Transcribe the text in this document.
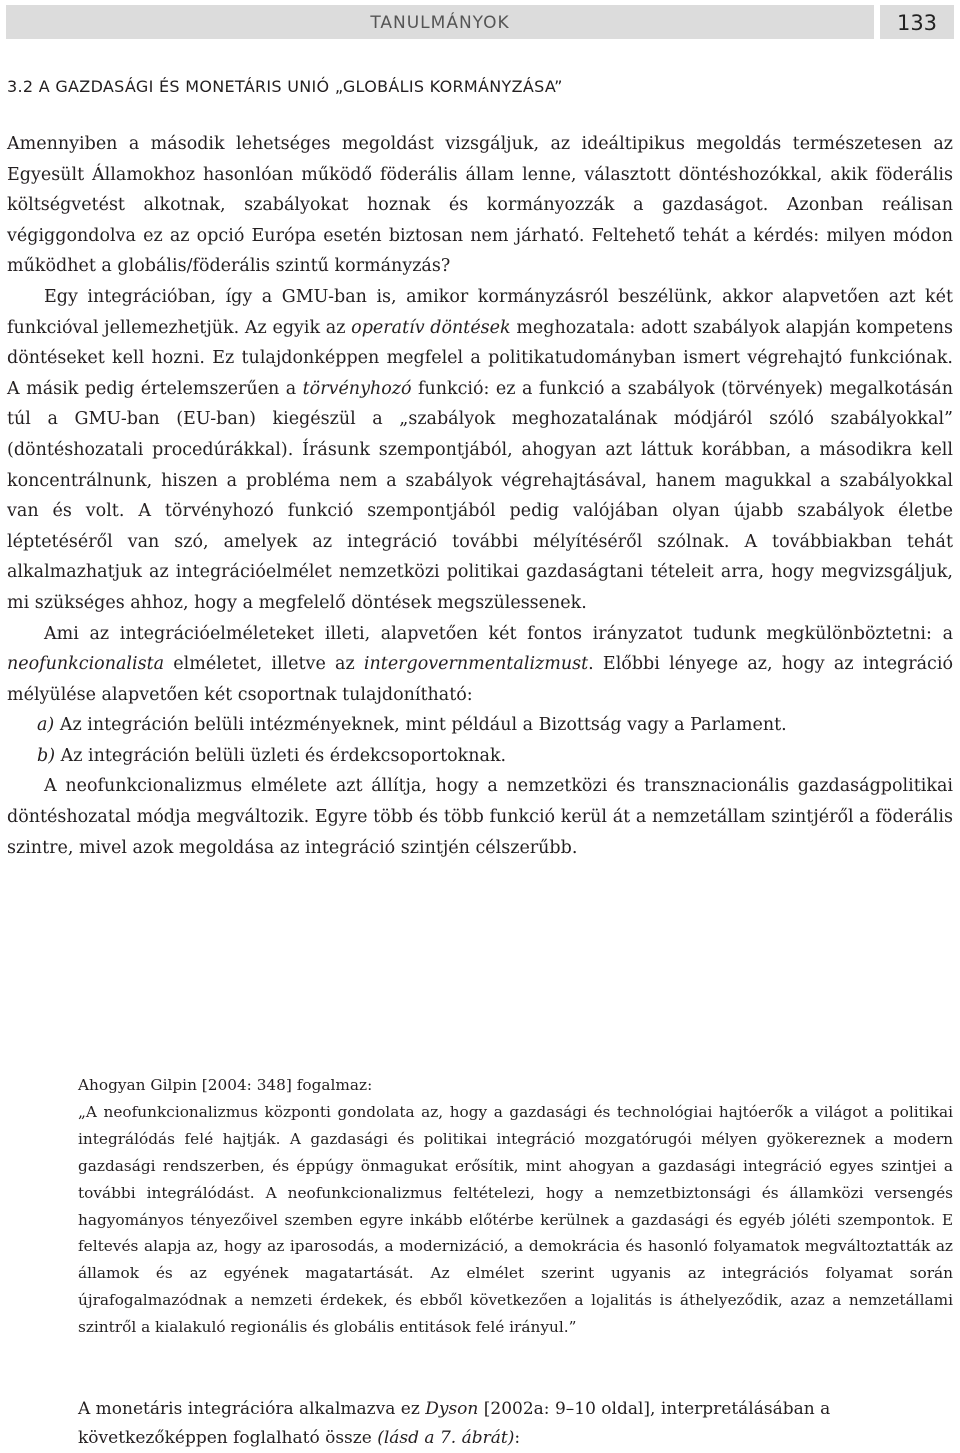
TANULMÁNYOK	133
3.2 A GAZDASÁGI ÉS MONETÁRIS UNIÓ „GLOBÁLIS KORMÁNYZÁSA”

Amennyiben a második lehetséges megoldást vizsgáljuk, az ideáltipikus megoldás természetesen az Egyesült Államokhoz hasonlóan működő föderális állam lenne, választott döntéshozókkal, akik föderális költségvetést alkotnak, szabályokat hoznak és kormányozzák a gazdaságot. Azonban reálisan végiggondolva ez az opció Európa esetén biztosan nem járható. Feltehető tehát a kérdés: milyen módon működhet a globális/föderális szintű kormányzás?

Egy integrációban, így a GMU-ban is, amikor kormányzásról beszélünk, akkor alapvetően azt két funkcióval jellemezhetjük. Az egyik az operatív döntések meghozatala: adott szabályok alapján kompetens döntéseket kell hozni. Ez tulajdonképpen megfelel a politikatudományban ismert végrehajtó funkciónak. A másik pedig értelemszerűen a törvényhozó funkció: ez a funkció a szabályok (törvények) megalkotásán túl a GMU-ban (EU-ban) kiegészül a „szabályok meghozatalának módjáról szóló szabályokkal” (döntéshozatali procedúrákkal). Írásunk szempontjából, ahogyan azt láttuk korábban, a másodikra kell koncentrálnunk, hiszen a probléma nem a szabályok végrehajtásával, hanem magukkal a szabályokkal van és volt. A törvényhozó funkció szempontjából pedig valójában olyan újabb szabályok életbe léptetéséről van szó, amelyek az integráció további mélyítéséről szólnak. A továbbiakban tehát alkalmazhatjuk az integrációelmélet nemzetközi politikai gazdaságtani tételeit arra, hogy megvizsgáljuk, mi szükséges ahhoz, hogy a megfelelő döntések megszülessenek.

Ami az integrációelméleteket illeti, alapvetően két fontos irányzatot tudunk megkülönböztetni: a neofunkcionalista elméletet, illetve az intergovernmentalizmust. Előbbi lényege az, hogy az integráció mélyülése alapvetően két csoportnak tulajdonítható:

a) Az integráción belüli intézményeknek, mint például a Bizottság vagy a Parlament.

b) Az integráción belüli üzleti és érdekcsoportoknak.

A neofunkcionalizmus elmélete azt állítja, hogy a nemzetközi és transznacionális gazdaságpolitikai döntéshozatal módja megváltozik. Egyre több és több funkció kerül át a nemzetállam szintjéről a föderális szintre, mivel azok megoldása az integráció szintjén célszerűbb.

Ahogyan Gilpin [2004: 348] fogalmaz:

„A neofunkcionalizmus központi gondolata az, hogy a gazdasági és technológiai hajtóerők a világot a politikai integrálódás felé hajtják. A gazdasági és politikai integráció mozgatórugói mélyen gyökereznek a modern gazdasági rendszerben, és éppúgy önmagukat erősítik, mint ahogyan a gazdasági integráció egyes szintjei a további integrálódást. A neofunkcionalizmus feltételezi, hogy a nemzetbiztonsági és államközi versengés hagyományos tényezőivel szemben egyre inkább előtérbe kerülnek a gazdasági és egyéb jóléti szempontok. E feltevés alapja az, hogy az iparosodás, a modernizáció, a demokrácia és hasonló folyamatok megváltoztatták az államok és az egyének magatartását. Az elmélet szerint ugyanis az integrációs folyamat során újrafogalmazódnak a nemzeti érdekek, és ebből következően a lojalitás is áthelyeződik, azaz a nemzetállami szintről a kialakuló regionális és globális entitások felé irányul.”

A monetáris integrációra alkalmazva ez Dyson [2002a: 9–10 oldal], interpretálásában a következőképpen foglalható össze (lásd a 7. ábrát):
